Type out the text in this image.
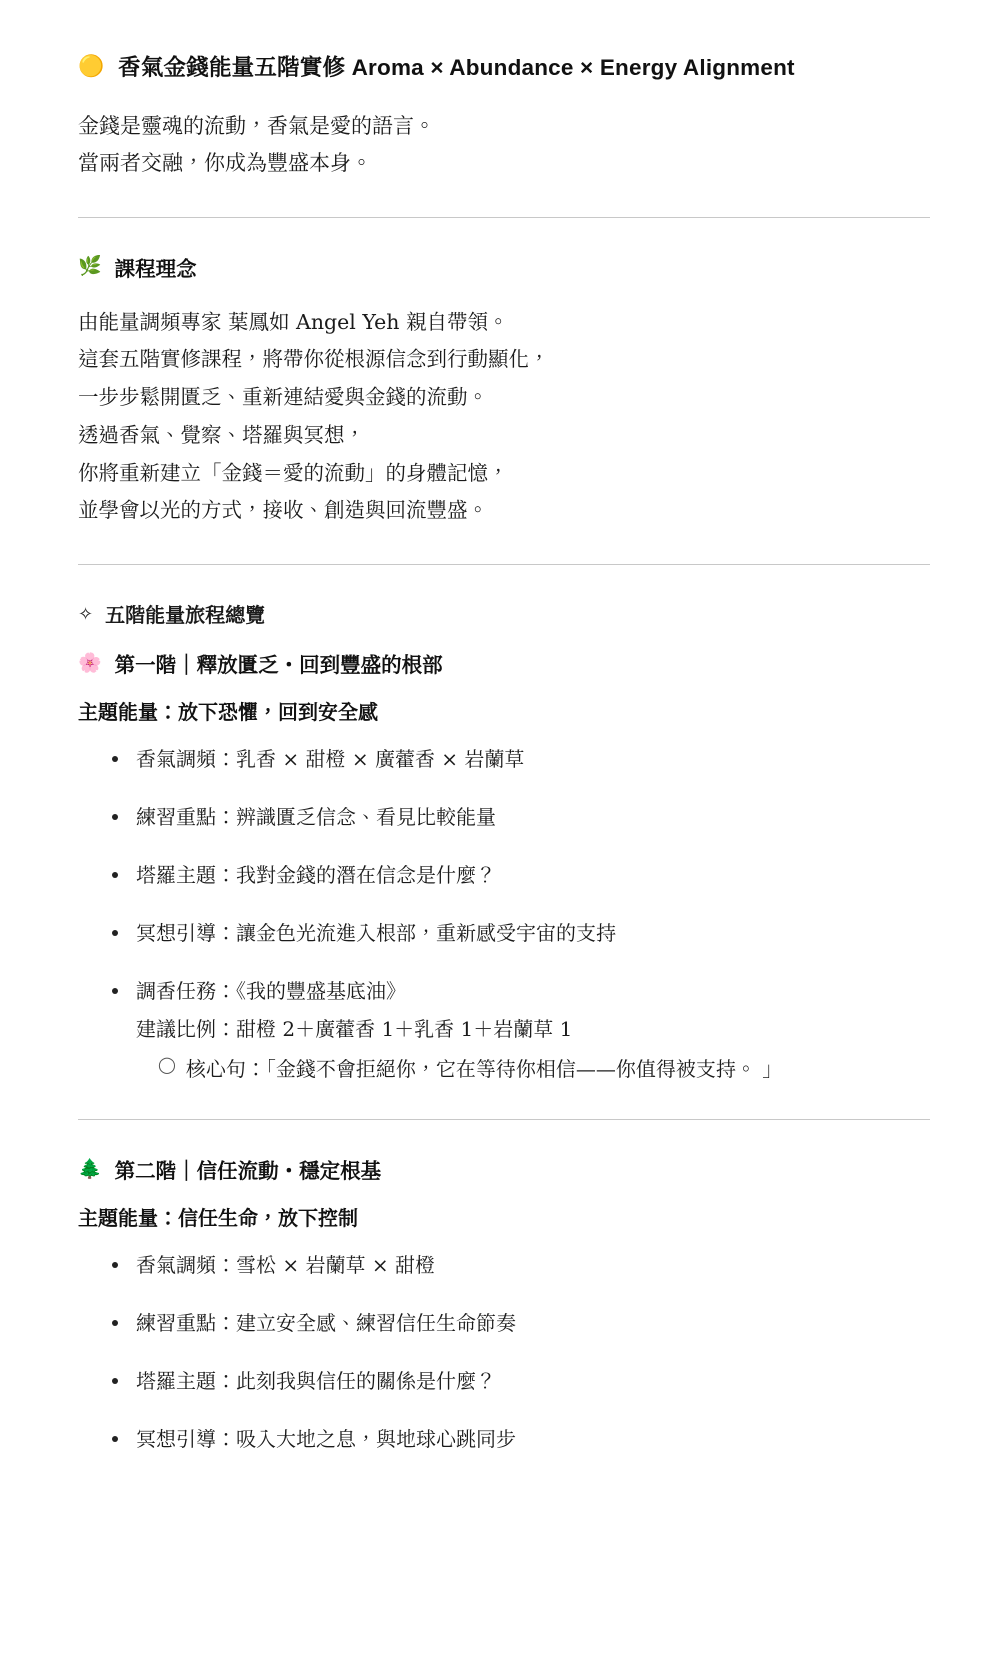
🟡 香氣金錢能量五階實修 Aroma × Abundance × Energy Alignment
金錢是靈魂的流動，香氣是愛的語言。
當兩者交融，你成為豐盛本身。
🌿 課程理念
由能量調頻專家 葉鳳如 Angel Yeh 親自帶領。
這套五階實修課程，將帶你從根源信念到行動顯化，
一步步鬆開匱乏、重新連結愛與金錢的流動。
透過香氣、覺察、塔羅與冥想，
你將重新建立「金錢＝愛的流動」的身體記憶，
並學會以光的方式，接收、創造與回流豐盛。
✧ 五階能量旅程總覽
🌸 第一階｜釋放匱乏・回到豐盛的根部
主題能量：放下恐懼，回到安全感
香氣調頻：乳香 × 甜橙 × 廣藿香 × 岩蘭草
練習重點：辨識匱乏信念、看見比較能量
塔羅主題：我對金錢的潛在信念是什麼？
冥想引導：讓金色光流進入根部，重新感受宇宙的支持
調香任務：《我的豐盛基底油》
建議比例：甜橙 2＋廣藿香 1＋乳香 1＋岩蘭草 1
◯ 核心句：「金錢不會拒絕你，它在等待你相信——你值得被支持。 」
🌲 第二階｜信任流動・穩定根基
主題能量：信任生命，放下控制
香氣調頻：雪松 × 岩蘭草 × 甜橙
練習重點：建立安全感、練習信任生命節奏
塔羅主題：此刻我與信任的關係是什麼？
冥想引導：吸入大地之息，與地球心跳同步
